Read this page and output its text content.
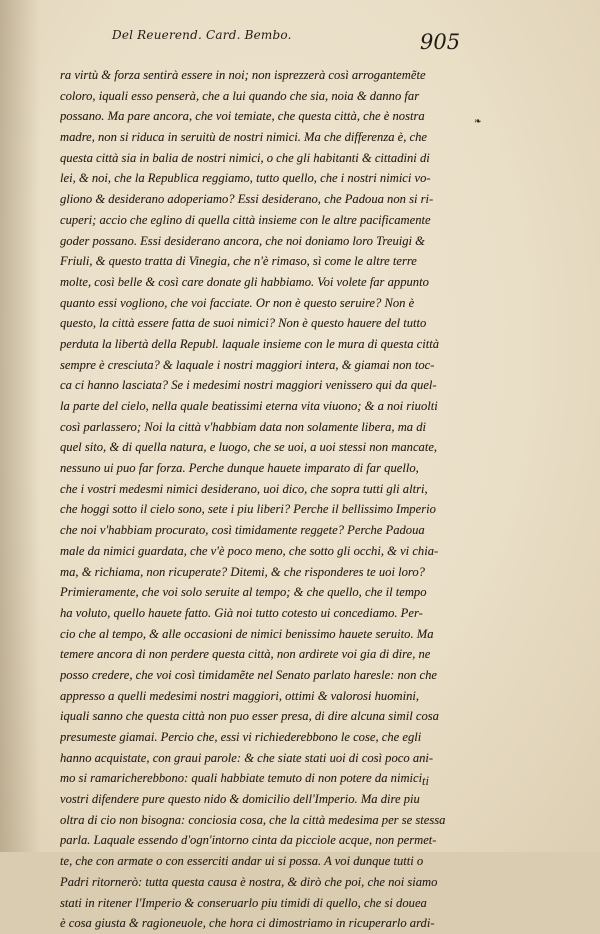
Del Reuerend. Card. Bembo.	905
❧
ra virtù & forza sentirà essere in noi; non isprezzerà così arrogantemẽte
coloro, iquali esso penserà, che a lui quando che sia, noia & danno far
possano. Ma pare ancora, che voi temiate, che questa città, che è nostra
madre, non si riduca in seruitù de nostri nimici. Ma che differenza è, che
questa città sia in balia de nostri nimici, o che gli habitanti & cittadini di
lei, & noi, che la Republica reggiamo, tutto quello, che i nostri nimici vo-
gliono & desiderano adoperiamo? Essi desiderano, che Padoua non si ri-
cuperi; accio che eglino di quella città insieme con le altre pacificamente
goder possano. Essi desiderano ancora, che noi doniamo loro Treuigi &
Friuli, & questo tratta di Vinegia, che n'è rimaso, sì come le altre terre
molte, così belle & così care donate gli habbiamo. Voi volete far appunto
quanto essi vogliono, che voi facciate. Or non è questo seruire? Non è
questo, la città essere fatta de suoi nimici? Non è questo hauere del tutto
perduta la libertà della Republ. laquale insieme con le mura di questa città
sempre è cresciuta? & laquale i nostri maggiori intera, & giamai non toc-
ca ci hanno lasciata? Se i medesimi nostri maggiori venissero qui da quel-
la parte del cielo, nella quale beatissimi eterna vita viuono; & a noi riuolti
così parlassero; Noi la città v'habbiam data non solamente libera, ma di
quel sito, & di quella natura, e luogo, che se uoi, a uoi stessi non mancate,
nessuno ui puo far forza. Perche dunque hauete imparato di far quello,
che i vostri medesmi nimici desiderano, uoi dico, che sopra tutti gli altri,
che hoggi sotto il cielo sono, sete i piu liberi? Perche il bellissimo Imperio
che noi v'habbiam procurato, così timidamente reggete? Perche Padoua
male da nimici guardata, che v'è poco meno, che sotto gli occhi, & vi chia-
ma, & richiama, non ricuperate? Ditemi, & che risponderes te uoi loro?
Primieramente, che voi solo seruite al tempo; & che quello, che il tempo
ha voluto, quello hauete fatto. Già noi tutto cotesto ui concediamo. Per-
cio che al tempo, & alle occasioni de nimici benissimo hauete seruito. Ma
temere ancora di non perdere questa città, non ardirete voi gia di dire, ne
posso credere, che voi così timidamẽte nel Senato parlato haresle: non che
appresso a quelli medesimi nostri maggiori, ottimi & valorosi huomini,
iquali sanno che questa città non puo esser presa, di dire alcuna simil cosa
presumeste giamai. Percio che, essi vi richiederebbono le cose, che egli
hanno acquistate, con graui parole: & che siate stati uoi di così poco ani-
mo si ramaricherebbono: quali habbiate temuto di non potere da nimici
vostri difendere pure questo nido & domicilio dell'Imperio. Ma dire piu
oltra di cio non bisogna: conciosia cosa, che la città medesima per se stessa
parla. Laquale essendo d'ogn'intorno cinta da picciole acque, non permet-
te, che con armate o con esserciti andar ui si possa. A voi dunque tutti o
Padri ritornerò: tutta questa causa è nostra, & dirò che poi, che noi siamo
stati in ritener l'Imperio & conseruarlo piu timidi di quello, che si douea
è cosa giusta & ragioneuole, che hora ci dimostriamo in ricuperarlo ardi-
ti
